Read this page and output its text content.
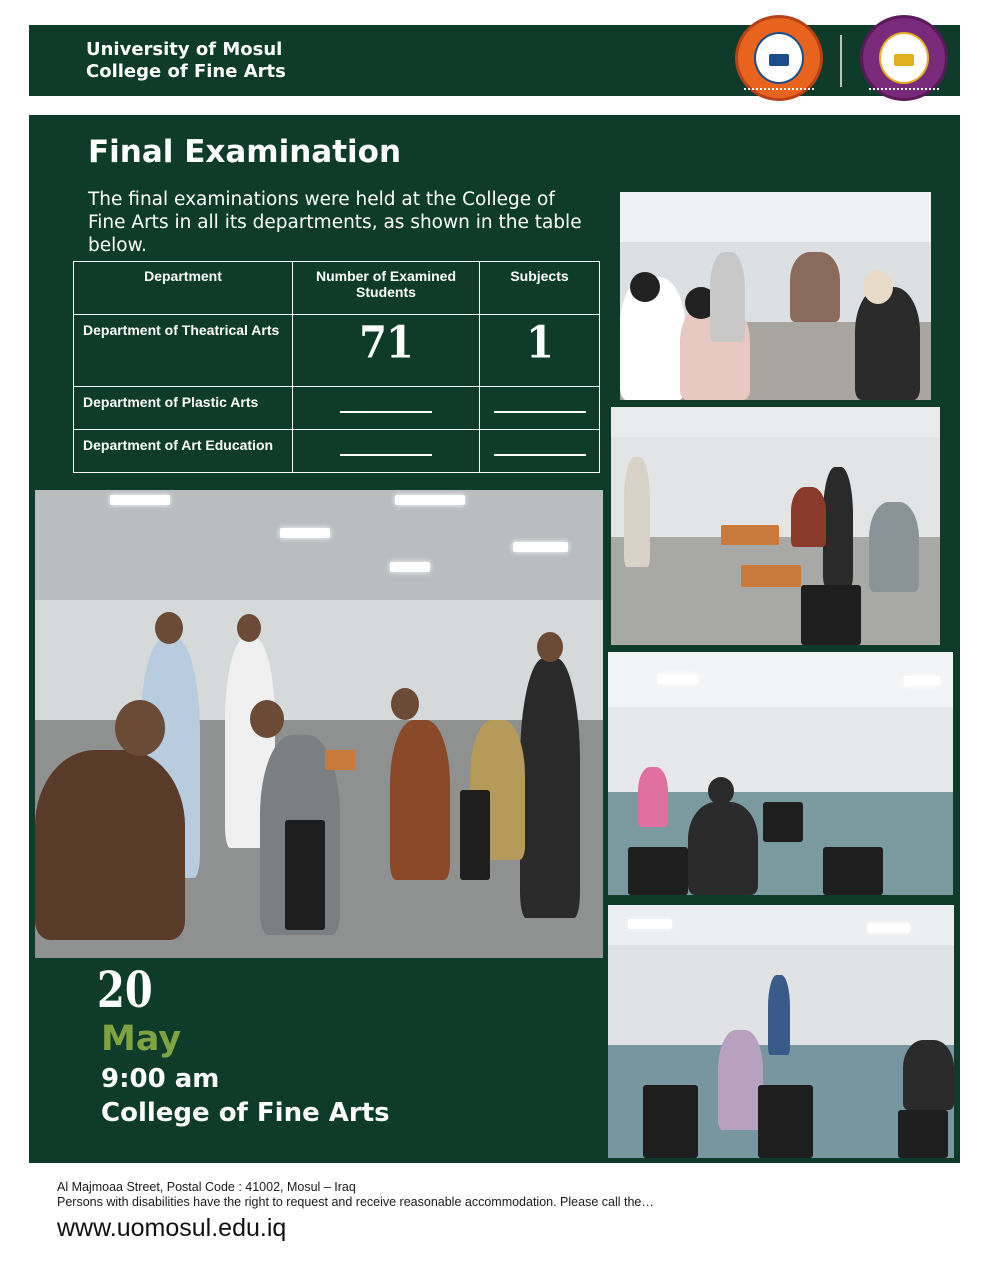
University of Mosul
College of Fine Arts
Final Examination
The final examinations were held at the College of Fine Arts in all its departments, as shown in the table below.
Department	Number of Examined Students	Subjects
Department of Theatrical Arts	71	1
Department of Plastic Arts		
Department of Art Education		
20
May
9:00 am
College of Fine Arts
Al Majmoaa Street, Postal Code : 41002, Mosul – Iraq
Persons with disabilities have the right to request and receive reasonable accommodation. Please call the…
www.uomosul.edu.iq
